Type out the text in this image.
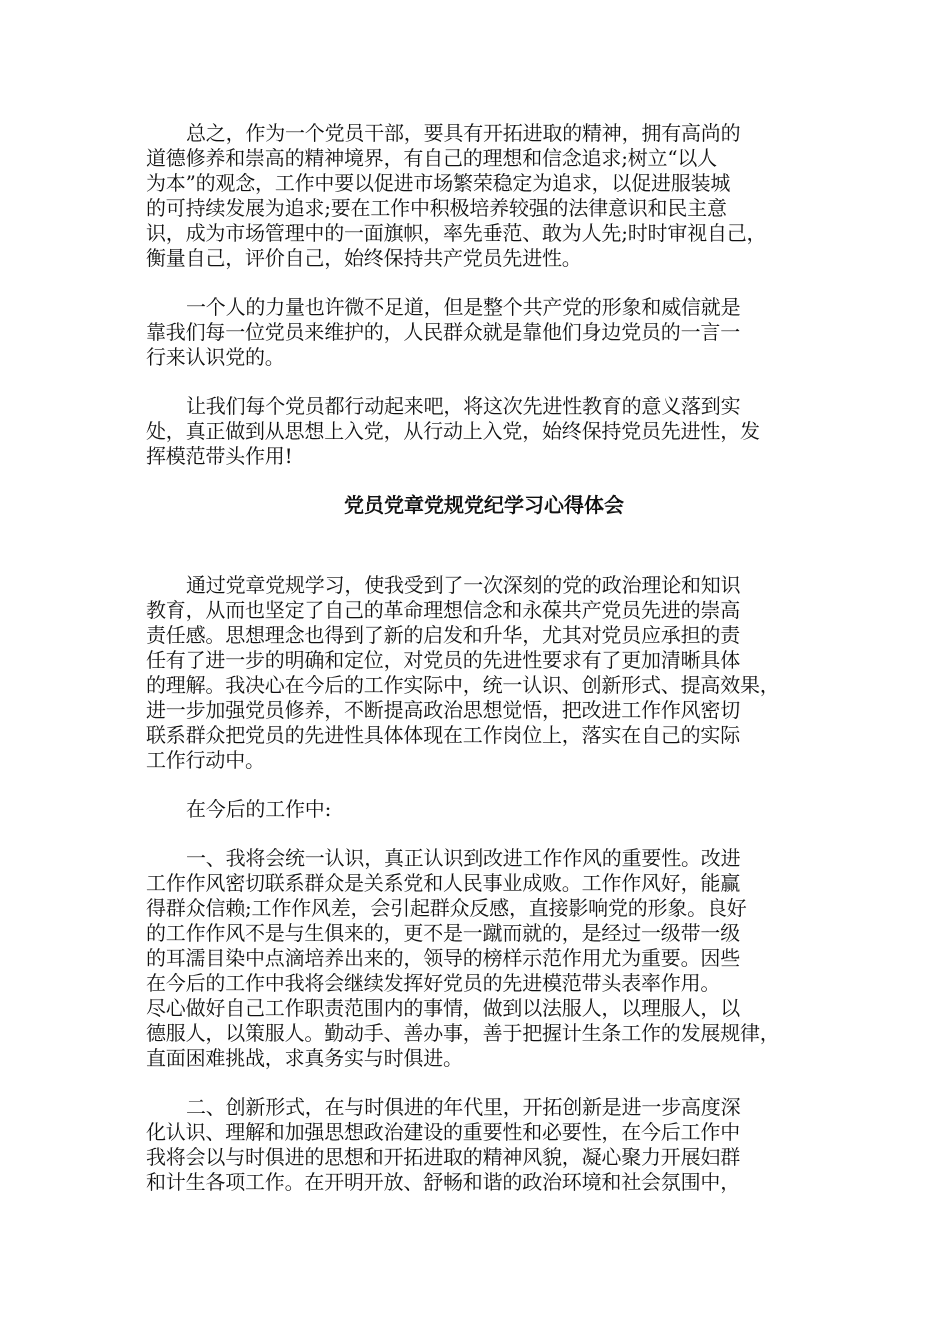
总之，作为一个党员干部，要具有开拓进取的精神，拥有高尚的
道德修养和崇高的精神境界，有自己的理想和信念追求;树立“以人
为本”的观念，工作中要以促进市场繁荣稳定为追求，以促进服装城
的可持续发展为追求;要在工作中积极培养较强的法律意识和民主意
识，成为市场管理中的一面旗帜，率先垂范、敢为人先;时时审视自己，
衡量自己，评价自己，始终保持共产党员先进性。

一个人的力量也许微不足道，但是整个共产党的形象和威信就是
靠我们每一位党员来维护的，人民群众就是靠他们身边党员的一言一
行来认识党的。

让我们每个党员都行动起来吧，将这次先进性教育的意义落到实
处，真正做到从思想上入党，从行动上入党，始终保持党员先进性，发
挥模范带头作用!

党员党章党规党纪学习心得体会

通过党章党规学习，使我受到了一次深刻的党的政治理论和知识
教育，从而也坚定了自己的革命理想信念和永葆共产党员先进的崇高
责任感。思想理念也得到了新的启发和升华，尤其对党员应承担的责
任有了进一步的明确和定位，对党员的先进性要求有了更加清晰具体
的理解。我决心在今后的工作实际中，统一认识、创新形式、提高效果，
进一步加强党员修养，不断提高政治思想觉悟，把改进工作作风密切
联系群众把党员的先进性具体体现在工作岗位上，落实在自己的实际
工作行动中。

在今后的工作中:

一、我将会统一认识，真正认识到改进工作作风的重要性。改进
工作作风密切联系群众是关系党和人民事业成败。工作作风好，能赢
得群众信赖;工作作风差，会引起群众反感，直接影响党的形象。良好
的工作作风不是与生俱来的，更不是一蹴而就的，是经过一级带一级
的耳濡目染中点滴培养出来的，领导的榜样示范作用尤为重要。因些
在今后的工作中我将会继续发挥好党员的先进模范带头表率作用。
尽心做好自己工作职责范围内的事情，做到以法服人，以理服人，以
德服人，以策服人。勤动手、善办事，善于把握计生条工作的发展规律，
直面困难挑战，求真务实与时俱进。

二、创新形式，在与时俱进的年代里，开拓创新是进一步高度深
化认识、理解和加强思想政治建设的重要性和必要性，在今后工作中
我将会以与时俱进的思想和开拓进取的精神风貌，凝心聚力开展妇群
和计生各项工作。在开明开放、舒畅和谐的政治环境和社会氛围中，
